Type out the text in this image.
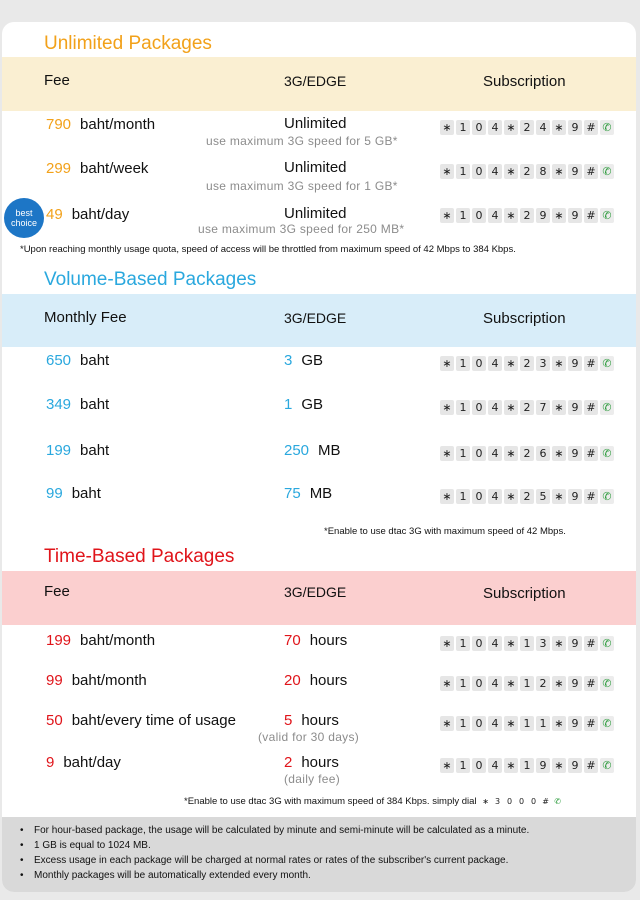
Unlimited Packages
Fee	3G/EDGE	Subscription
best choice
790 baht/month	Unlimited
use maximum 3G speed for 5 GB*
∗ 1 0 4 ∗ 2 4 ∗ 9 # ✆
299 baht/week	Unlimited
use maximum 3G speed for 1 GB*
∗ 1 0 4 ∗ 2 8 ∗ 9 # ✆
49 baht/day	Unlimited
use maximum 3G speed for 250 MB*
∗ 1 0 4 ∗ 2 9 ∗ 9 # ✆
*Upon reaching monthly usage quota, speed of access will be throttled from maximum speed of 42 Mbps to 384 Kbps.
Volume-Based Packages
Monthly Fee	3G/EDGE	Subscription
650 baht	3 GB	∗ 1 0 4 ∗ 2 3 ∗ 9 # ✆
349 baht	1 GB	∗ 1 0 4 ∗ 2 7 ∗ 9 # ✆
199 baht	250 MB	∗ 1 0 4 ∗ 2 6 ∗ 9 # ✆
99 baht	75 MB	∗ 1 0 4 ∗ 2 5 ∗ 9 # ✆
*Enable to use dtac 3G with maximum speed of 42 Mbps.
Time-Based Packages
Fee	3G/EDGE	Subscription
199 baht/month	70 hours	∗ 1 0 4 ∗ 1 3 ∗ 9 # ✆
99 baht/month	20 hours	∗ 1 0 4 ∗ 1 2 ∗ 9 # ✆
50 baht/every time of usage	5 hours
(valid for 30 days)
∗ 1 0 4 ∗ 1 1 ∗ 9 # ✆
9 baht/day	2 hours
(daily fee)
∗ 1 0 4 ∗ 1 9 ∗ 9 # ✆
*Enable to use dtac 3G with maximum speed of 384 Kbps. simply dial ∗ 3 0 0 0 # ✆
• For hour-based package, the usage will be calculated by minute and semi-minute will be calculated as a minute.
• 1 GB is equal to 1024 MB.
• Excess usage in each package will be charged at normal rates or rates of the subscriber's current package.
• Monthly packages will be automatically extended every month.
